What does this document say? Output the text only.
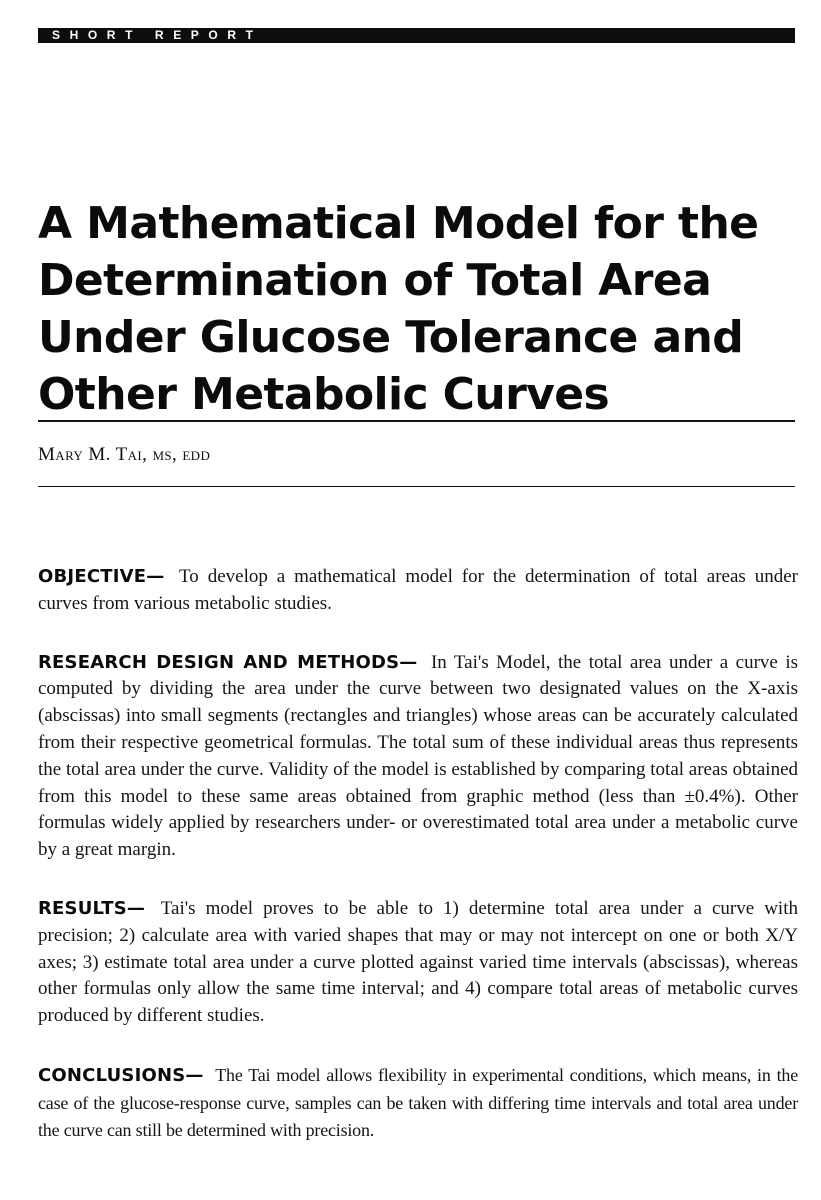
SHORT REPORT
A Mathematical Model for the Determination of Total Area Under Glucose Tolerance and Other Metabolic Curves

Mary M. Tai, ms, edd

OBJECTIVE— To develop a mathematical model for the determination of total areas under curves from various metabolic studies.

RESEARCH DESIGN AND METHODS— In Tai's Model, the total area under a curve is computed by dividing the area under the curve between two designated values on the X-axis (abscissas) into small segments (rectangles and triangles) whose areas can be accurately calculated from their respective geometrical formulas. The total sum of these individual areas thus represents the total area under the curve. Validity of the model is established by comparing total areas obtained from this model to these same areas obtained from graphic method (less than ±0.4%). Other formulas widely applied by researchers under- or overestimated total area under a metabolic curve by a great margin.

RESULTS— Tai's model proves to be able to 1) determine total area under a curve with precision; 2) calculate area with varied shapes that may or may not intercept on one or both X/Y axes; 3) estimate total area under a curve plotted against varied time intervals (abscissas), whereas other formulas only allow the same time interval; and 4) compare total areas of metabolic curves produced by different studies.

CONCLUSIONS— The Tai model allows flexibility in experimental conditions, which means, in the case of the glucose-response curve, samples can be taken with differing time intervals and total area under the curve can still be determined with precision.
